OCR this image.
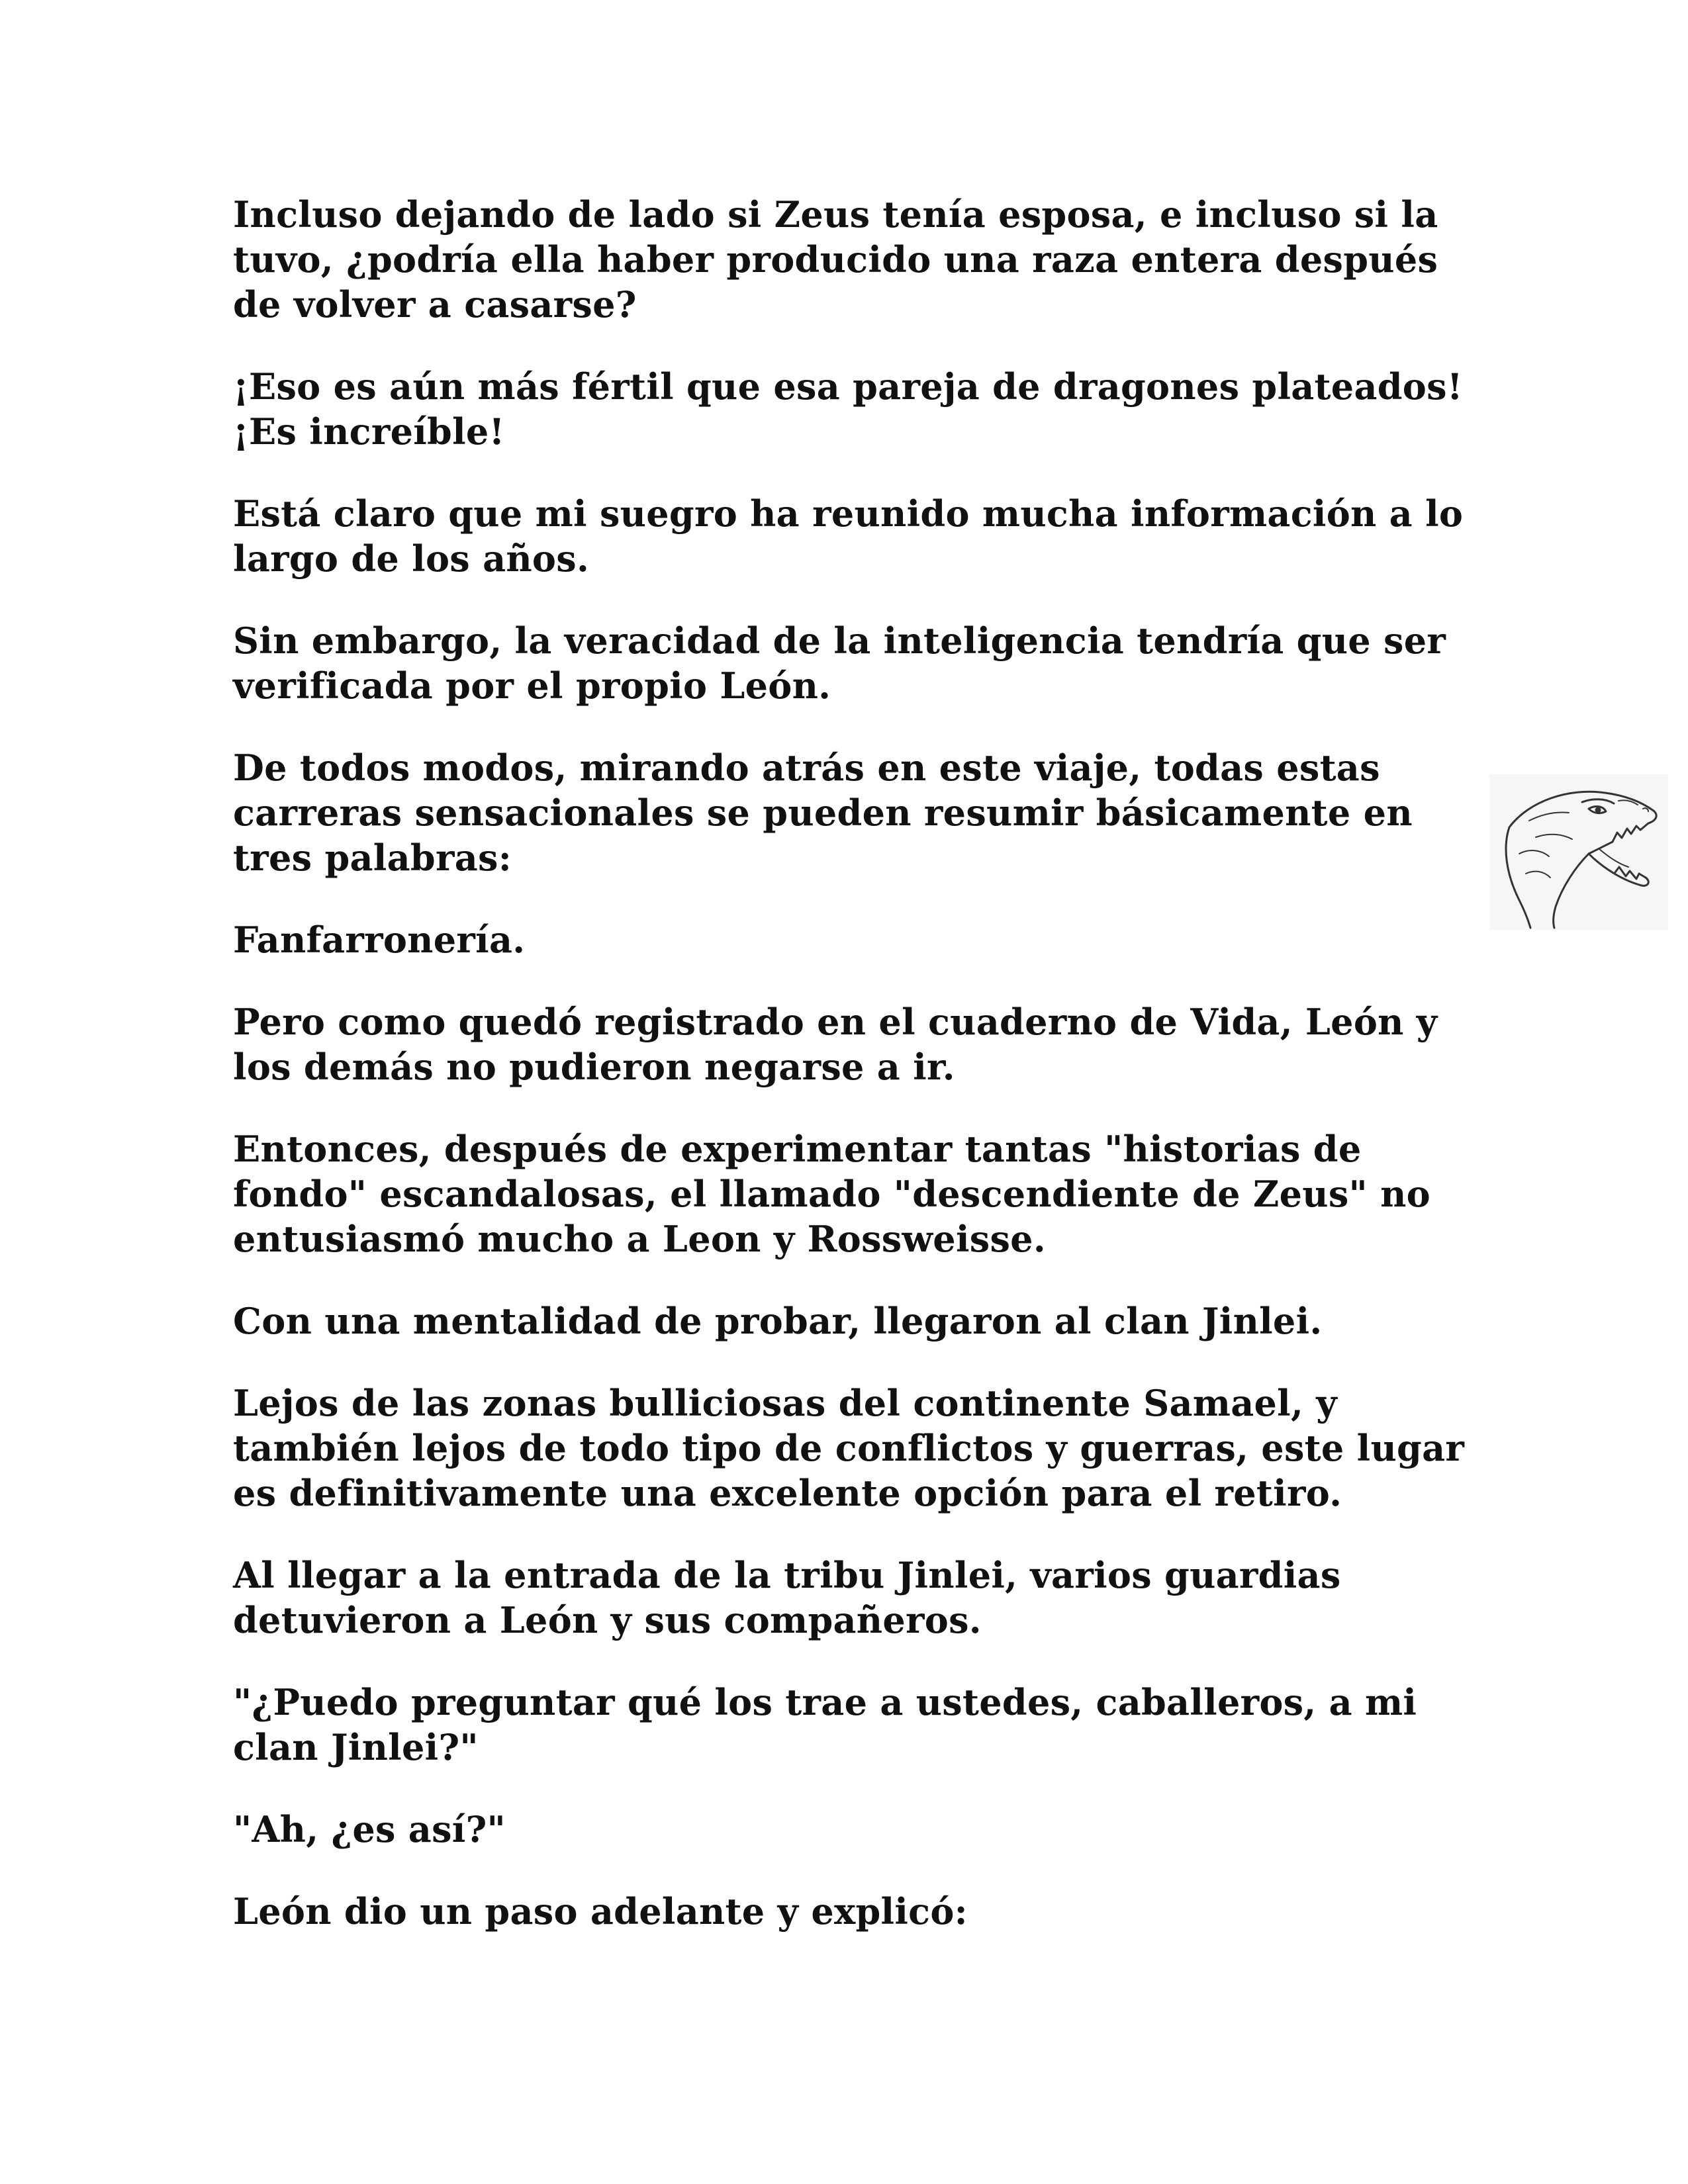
Incluso dejando de lado si Zeus tenía esposa, e incluso si la tuvo, ¿podría ella haber producido una raza entera después de volver a casarse?

¡Eso es aún más fértil que esa pareja de dragones plateados! ¡Es increíble!

Está claro que mi suegro ha reunido mucha información a lo largo de los años.

Sin embargo, la veracidad de la inteligencia tendría que ser verificada por el propio León.

De todos modos, mirando atrás en este viaje, todas estas carreras sensacionales se pueden resumir básicamente en tres palabras:

Fanfarronería.

Pero como quedó registrado en el cuaderno de Vida, León y los demás no pudieron negarse a ir.

Entonces, después de experimentar tantas "historias de fondo" escandalosas, el llamado "descendiente de Zeus" no entusiasmó mucho a Leon y Rossweisse.

Con una mentalidad de probar, llegaron al clan Jinlei.

Lejos de las zonas bulliciosas del continente Samael, y también lejos de todo tipo de conflictos y guerras, este lugar es definitivamente una excelente opción para el retiro.

Al llegar a la entrada de la tribu Jinlei, varios guardias detuvieron a León y sus compañeros.

"¿Puedo preguntar qué los trae a ustedes, caballeros, a mi clan Jinlei?"

"Ah, ¿es así?"

León dio un paso adelante y explicó:
